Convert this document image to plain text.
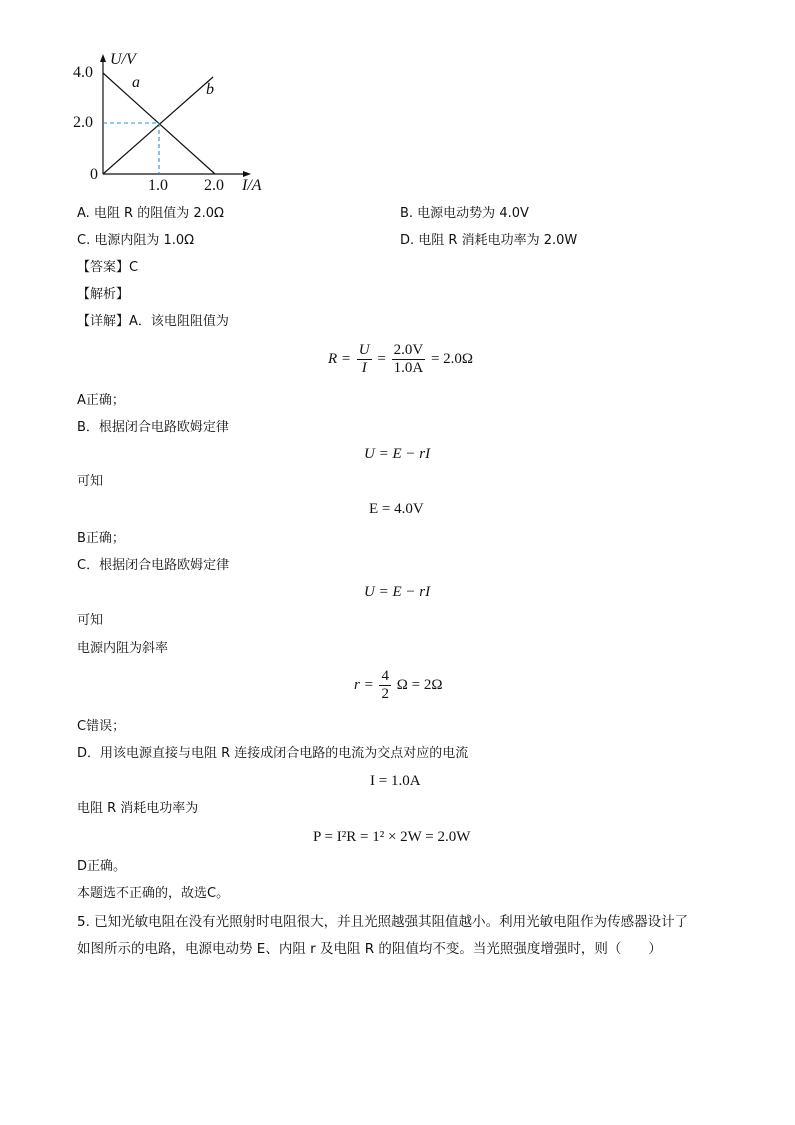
U/V
4.0
2.0
0
1.0 2.0 I/A
a	b
A. 电阻 R 的阻值为 2.0Ω	B. 电源电动势为 4.0V
C. 电源内阻为 1.0Ω	D. 电阻 R 消耗电功率为 2.0W
【答案】C
【解析】
【详解】A．该电阻阻值为
$R = \frac{U}{I} = \frac{2.0V}{1.0A} = 2.0\Omega$
A正确；
B．根据闭合电路欧姆定律
U = E − rI
可知
E = 4.0V
B正确；
C．根据闭合电路欧姆定律
U = E − rI
可知
电源内阻为斜率
$r = \frac{4}{2}$ Ω = 2Ω
C错误；
D．用该电源直接与电阻 R 连接成闭合电路的电流为交点对应的电流
I = 1.0A
电阻 R 消耗电功率为
P = I²R = 1² × 2W = 2.0W
D正确。
本题选不正确的，故选C。
5. 已知光敏电阻在没有光照射时电阻很大，并且光照越强其阻值越小。利用光敏电阻作为传感器设计了
如图所示的电路，电源电动势 E、内阻 r 及电阻 R 的阻值均不变。当光照强度增强时，则（　　）
